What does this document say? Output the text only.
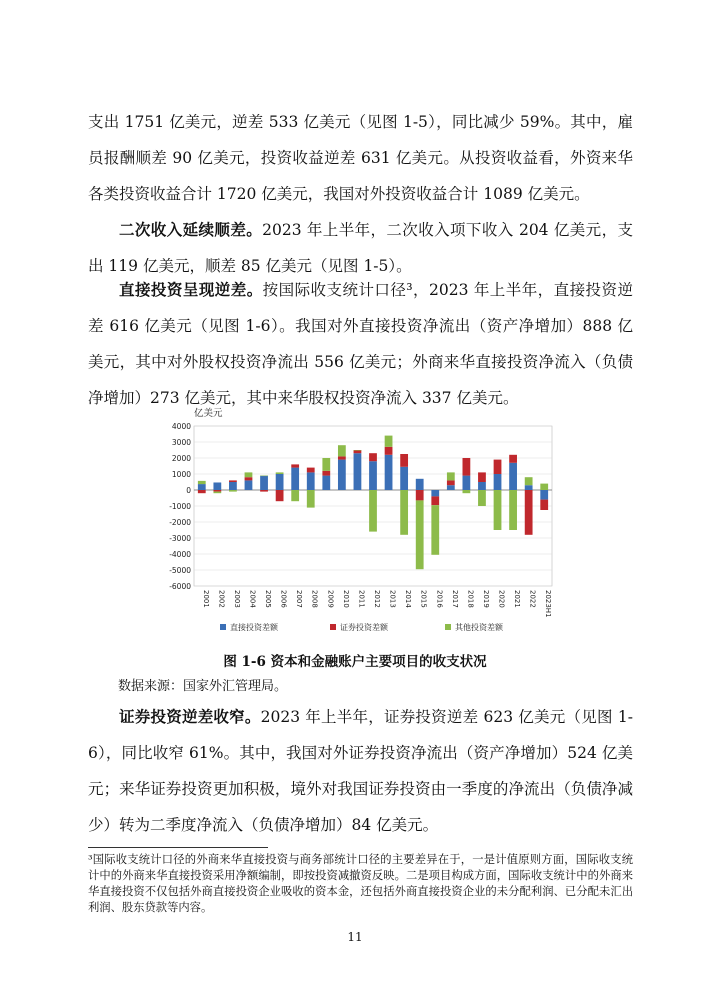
支出 1751 亿美元，逆差 533 亿美元（见图 1-5），同比减少 59%。其中，雇员报酬顺差 90 亿美元，投资收益逆差 631 亿美元。从投资收益看，外资来华各类投资收益合计 1720 亿美元，我国对外投资收益合计 1089 亿美元。

二次收入延续顺差。2023 年上半年，二次收入项下收入 204 亿美元，支出 119 亿美元，顺差 85 亿美元（见图 1-5）。

直接投资呈现逆差。按国际收支统计口径³，2023 年上半年，直接投资逆差 616 亿美元（见图 1-6）。我国对外直接投资净流出（资产净增加）888 亿美元，其中对外股权投资净流出 556 亿美元；外商来华直接投资净流入（负债净增加）273 亿美元，其中来华股权投资净流入 337 亿美元。

亿美元
4000
3000
2000
1000
0
-1000
-2000
-3000
-4000
-5000
-6000
2001 2002 2003 2004 2005 2006 2007 2008 2009 2010 2011 2012 2013 2014 2015 2016 2017 2018 2019 2020 2021 2022 2023H1
直接投资差额	证券投资差额	其他投资差额
图 1-6 资本和金融账户主要项目的收支状况
数据来源：国家外汇管理局。

证券投资逆差收窄。2023 年上半年，证券投资逆差 623 亿美元（见图 1-6），同比收窄 61%。其中，我国对外证券投资净流出（资产净增加）524 亿美元；来华证券投资更加积极，境外对我国证券投资由一季度的净流出（负债净减少）转为二季度净流入（负债净增加）84 亿美元。

³国际收支统计口径的外商来华直接投资与商务部统计口径的主要差异在于，一是计值原则方面，国际收支统计中的外商来华直接投资采用净额编制，即按投资减撤资反映。二是项目构成方面，国际收支统计中的外商来华直接投资不仅包括外商直接投资企业吸收的资本金，还包括外商直接投资企业的未分配利润、已分配未汇出利润、股东贷款等内容。
11
